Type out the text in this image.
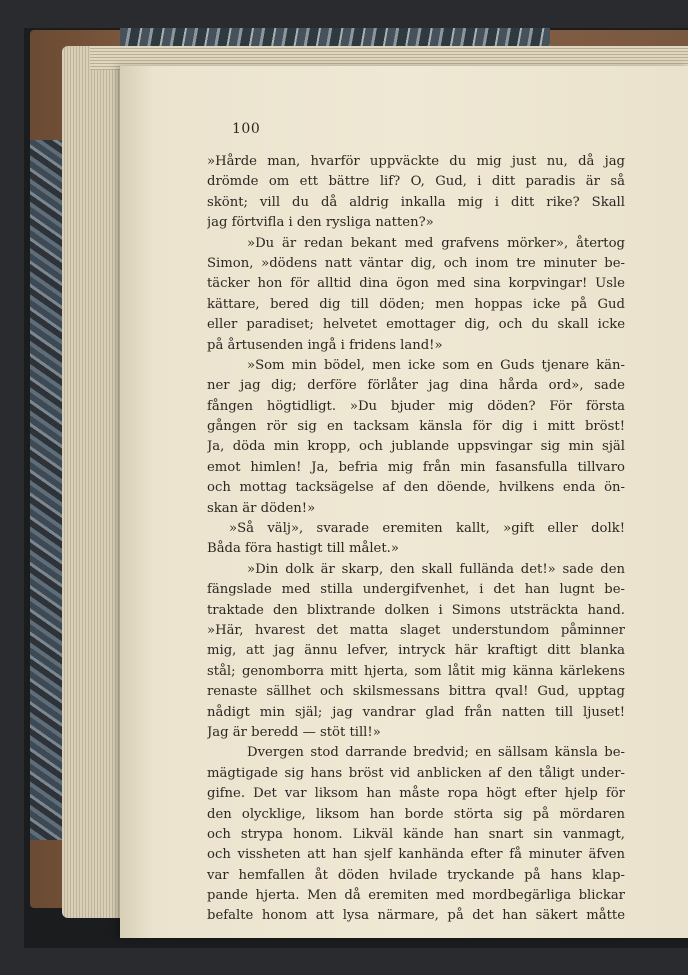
100
»Hårde man, hvarför uppväckte du mig just nu, då jag
drömde om ett bättre lif? O, Gud, i ditt paradis är så
skönt; vill du då aldrig inkalla mig i ditt rike? Skall
jag förtvifla i den rysliga natten?»
»Du är redan bekant med grafvens mörker», återtog
Simon, »dödens natt väntar dig, och inom tre minuter be-
täcker hon för alltid dina ögon med sina korpvingar! Usle
kättare, bered dig till döden; men hoppas icke på Gud
eller paradiset; helvetet emottager dig, och du skall icke
på årtusenden ingå i fridens land!»
»Som min bödel, men icke som en Guds tjenare kän-
ner jag dig; derföre förlåter jag dina hårda ord», sade
fången högtidligt. »Du bjuder mig döden? För första
gången rör sig en tacksam känsla för dig i mitt bröst!
Ja, döda min kropp, och jublande uppsvingar sig min själ
emot himlen! Ja, befria mig från min fasansfulla tillvaro
och mottag tacksägelse af den döende, hvilkens enda ön-
skan är döden!»
»Så välj», svarade eremiten kallt, »gift eller dolk!
Båda föra hastigt till målet.»
»Din dolk är skarp, den skall fullända det!» sade den
fängslade med stilla undergifvenhet, i det han lugnt be-
traktade den blixtrande dolken i Simons utsträckta hand.
»Här, hvarest det matta slaget understundom påminner
mig, att jag ännu lefver, intryck här kraftigt ditt blanka
stål; genomborra mitt hjerta, som låtit mig känna kärlekens
renaste sällhet och skilsmessans bittra qval! Gud, upptag
nådigt min själ; jag vandrar glad från natten till ljuset!
Jag är beredd — stöt till!»
Dvergen stod darrande bredvid; en sällsam känsla be-
mägtigade sig hans bröst vid anblicken af den tåligt under-
gifne. Det var liksom han måste ropa högt efter hjelp för
den olycklige, liksom han borde störta sig på mördaren
och strypa honom. Likväl kände han snart sin vanmagt,
och vissheten att han sjelf kanhända efter få minuter äfven
var hemfallen åt döden hvilade tryckande på hans klap-
pande hjerta. Men då eremiten med mordbegärliga blickar
befalte honom att lysa närmare, på det han säkert måtte
